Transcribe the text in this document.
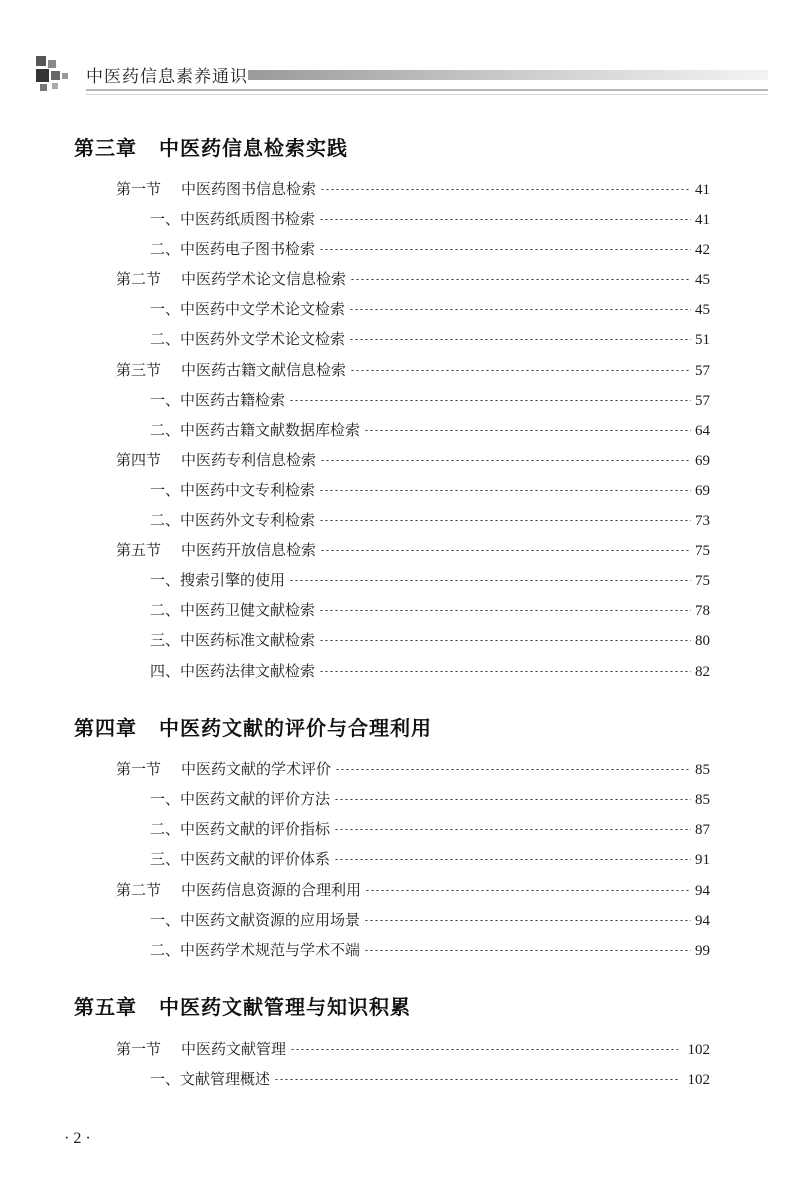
中医药信息素养通识
第三章 中医药信息检索实践
第一节 中医药图书信息检索	41
一、中医药纸质图书检索	41
二、中医药电子图书检索	42
第二节 中医药学术论文信息检索	45
一、中医药中文学术论文检索	45
二、中医药外文学术论文检索	51
第三节 中医药古籍文献信息检索	57
一、中医药古籍检索	57
二、中医药古籍文献数据库检索	64
第四节 中医药专利信息检索	69
一、中医药中文专利检索	69
二、中医药外文专利检索	73
第五节 中医药开放信息检索	75
一、搜索引擎的使用	75
二、中医药卫健文献检索	78
三、中医药标准文献检索	80
四、中医药法律文献检索	82
第四章 中医药文献的评价与合理利用
第一节 中医药文献的学术评价	85
一、中医药文献的评价方法	85
二、中医药文献的评价指标	87
三、中医药文献的评价体系	91
第二节 中医药信息资源的合理利用	94
一、中医药文献资源的应用场景	94
二、中医药学术规范与学术不端	99
第五章 中医药文献管理与知识积累
第一节 中医药文献管理	102
一、文献管理概述	102
· 2 ·
